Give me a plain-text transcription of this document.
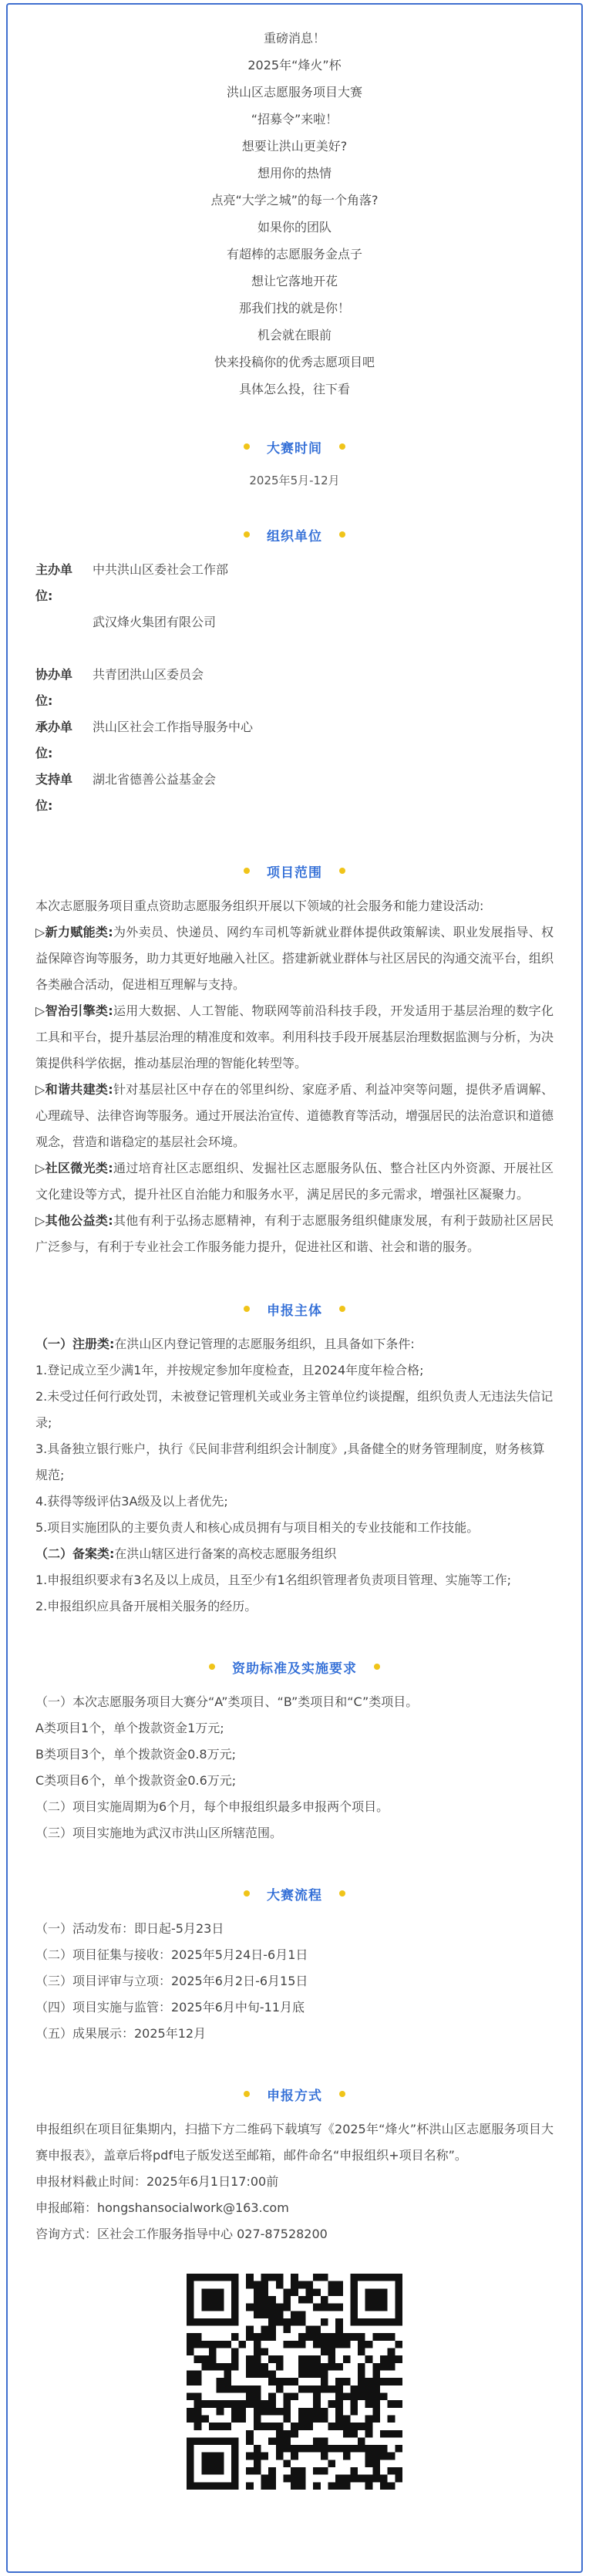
重磅消息！

2025年“烽火”杯

洪山区志愿服务项目大赛

“招募令”来啦！

想要让洪山更美好?

想用你的热情

点亮“大学之城”的每一个角落?

如果你的团队

有超棒的志愿服务金点子

想让它落地开花

那我们找的就是你！

机会就在眼前

快来投稿你的优秀志愿项目吧

具体怎么投，往下看

大赛时间

2025年5月-12月

组织单位
主办单位:
中共洪山区委社会工作部
武汉烽火集团有限公司
协办单位:
共青团洪山区委员会
承办单位:
洪山区社会工作指导服务中心
支持单位:
湖北省德善公益基金会
项目范围

本次志愿服务项目重点资助志愿服务组织开展以下领域的社会服务和能力建设活动:

▷新力赋能类:为外卖员、快递员、网约车司机等新就业群体提供政策解读、职业发展指导、权益保障咨询等服务，助力其更好地融入社区。搭建新就业群体与社区居民的沟通交流平台，组织各类融合活动，促进相互理解与支持。

▷智治引擎类:运用大数据、人工智能、物联网等前沿科技手段，开发适用于基层治理的数字化工具和平台，提升基层治理的精准度和效率。利用科技手段开展基层治理数据监测与分析，为决策提供科学依据，推动基层治理的智能化转型等。

▷和谐共建类:针对基层社区中存在的邻里纠纷、家庭矛盾、利益冲突等问题，提供矛盾调解、心理疏导、法律咨询等服务。通过开展法治宣传、道德教育等活动，增强居民的法治意识和道德观念，营造和谐稳定的基层社会环境。

▷社区微光类:通过培育社区志愿组织、发掘社区志愿服务队伍、整合社区内外资源、开展社区文化建设等方式，提升社区自治能力和服务水平，满足居民的多元需求，增强社区凝聚力。

▷其他公益类:其他有利于弘扬志愿精神，有利于志愿服务组织健康发展，有利于鼓励社区居民广泛参与，有利于专业社会工作服务能力提升，促进社区和谐、社会和谐的服务。

申报主体

（一）注册类:在洪山区内登记管理的志愿服务组织，且具备如下条件:

1.登记成立至少满1年，并按规定参加年度检查，且2024年度年检合格;

2.未受过任何行政处罚，未被登记管理机关或业务主管单位约谈提醒，组织负责人无违法失信记录;

3.具备独立银行账户，执行《民间非营利组织会计制度》,具备健全的财务管理制度，财务核算规范;

4.获得等级评估3A级及以上者优先;

5.项目实施团队的主要负责人和核心成员拥有与项目相关的专业技能和工作技能。

（二）备案类:在洪山辖区进行备案的高校志愿服务组织

1.申报组织要求有3名及以上成员，且至少有1名组织管理者负责项目管理、实施等工作;

2.申报组织应具备开展相关服务的经历。

资助标准及实施要求

（一）本次志愿服务项目大赛分“A”类项目、“B”类项目和“C”类项目。

A类项目1个，单个拨款资金1万元;

B类项目3个，单个拨款资金0.8万元;

C类项目6个，单个拨款资金0.6万元;

（二）项目实施周期为6个月，每个申报组织最多申报两个项目。

（三）项目实施地为武汉市洪山区所辖范围。

大赛流程

（一）活动发布：即日起-5月23日

（二）项目征集与接收：2025年5月24日-6月1日

（三）项目评审与立项：2025年6月2日-6月15日

（四）项目实施与监管：2025年6月中旬-11月底

（五）成果展示：2025年12月

申报方式

申报组织在项目征集期内，扫描下方二维码下载填写《2025年“烽火”杯洪山区志愿服务项目大赛申报表》，盖章后将pdf电子版发送至邮箱，邮件命名“申报组织+项目名称”。

申报材料截止时间：2025年6月1日17:00前

申报邮箱：hongshansocialwork@163.com

咨询方式：区社会工作服务指导中心 027-87528200
